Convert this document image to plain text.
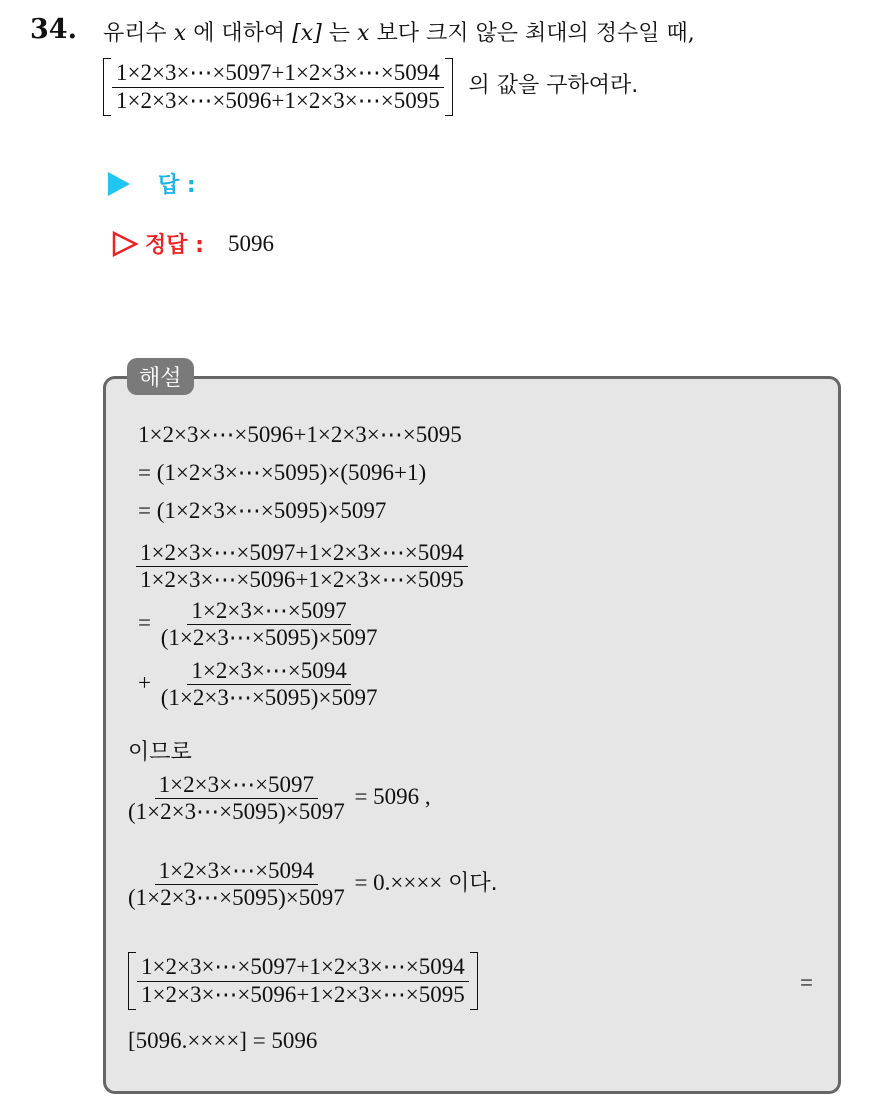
34. 유리수 x 에 대하여 [x] 는 x 보다 크지 않은 최대의 정수일 때,
$\frac{1\times 2\times 3\times\cdots\times 5097+1\times 2\times 3\times\cdots\times 5094}{1\times 2\times 3\times\cdots\times 5096+1\times 2\times 3\times\cdots\times 5095}$ 의 값을 구하여라.
답 :
정답 : 5096
해설
1×2×3×⋯×5096+1×2×3×⋯×5095
= (1×2×3×⋯×5095)×(5096+1)
= (1×2×3×⋯×5095)×5097
$\frac{1\times 2\times 3\times\cdots\times 5097+1\times 2\times 3\times\cdots\times 5094}{1\times 2\times 3\times\cdots\times 5096+1\times 2\times 3\times\cdots\times 5095}$
= $\frac{1\times 2\times 3\times\cdots\times 5097}{(1\times 2\times 3\cdots\times 5095)\times 5097}$
+ $\frac{1\times 2\times 3\times\cdots\times 5094}{(1\times 2\times 3\cdots\times 5095)\times 5097}$
이므로
$\frac{1\times 2\times 3\times\cdots\times 5097}{(1\times 2\times 3\cdots\times 5095)\times 5097} = 5096$ ,
$\frac{1\times 2\times 3\times\cdots\times 5094}{(1\times 2\times 3\cdots\times 5095)\times 5097} = 0.\times\times\times\times$ 이다.
$\frac{1\times 2\times 3\times\cdots\times 5097+1\times 2\times 3\times\cdots\times 5094}{1\times 2\times 3\times\cdots\times 5096+1\times 2\times 3\times\cdots\times 5095}$	=
[5096.××××] = 5096
